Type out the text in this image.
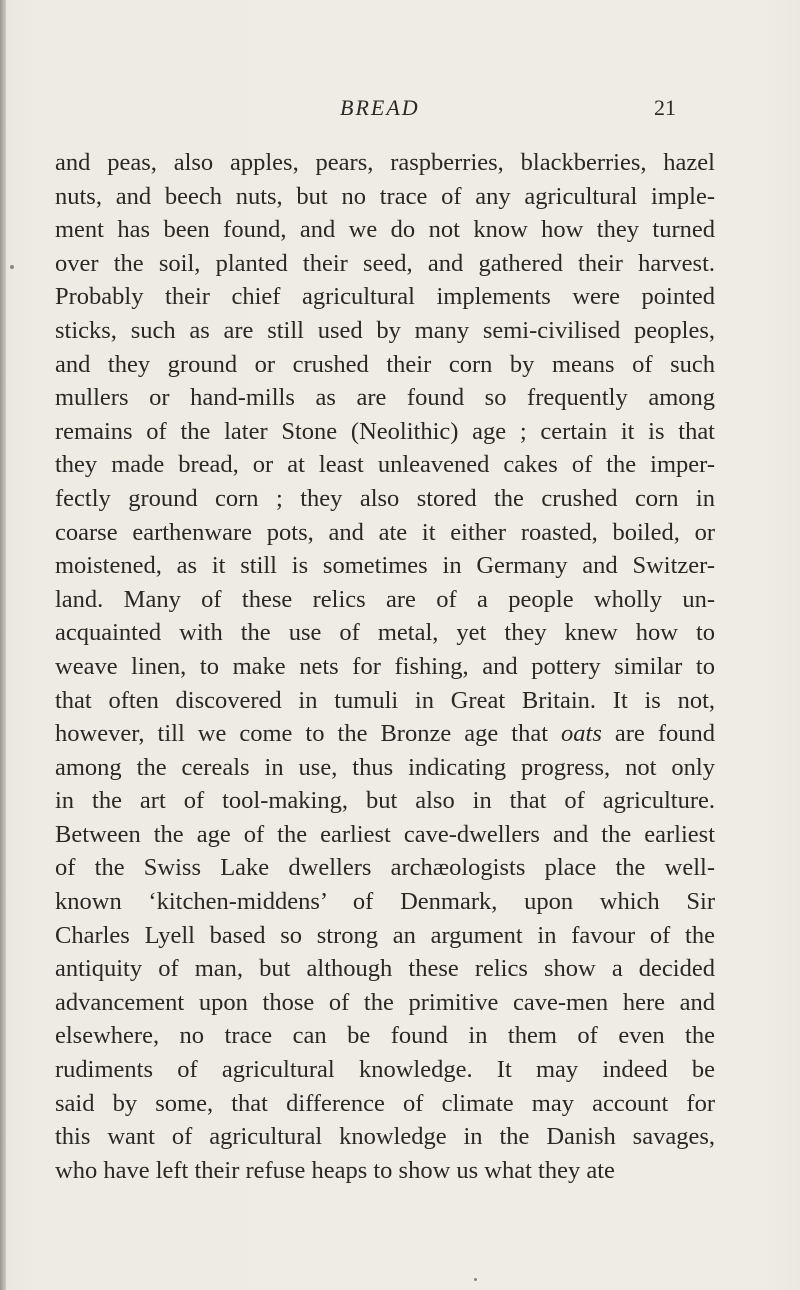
BREAD	21
and peas, also apples, pears, raspberries, blackberries, hazel
nuts, and beech nuts, but no trace of any agricultural imple-
ment has been found, and we do not know how they turned
over the soil, planted their seed, and gathered their harvest.
Probably their chief agricultural implements were pointed
sticks, such as are still used by many semi-civilised peoples,
and they ground or crushed their corn by means of such
mullers or hand-mills as are found so frequently among
remains of the later Stone (Neolithic) age ; certain it is that
they made bread, or at least unleavened cakes of the imper-
fectly ground corn ; they also stored the crushed corn in
coarse earthenware pots, and ate it either roasted, boiled, or
moistened, as it still is sometimes in Germany and Switzer-
land. Many of these relics are of a people wholly un-
acquainted with the use of metal, yet they knew how to
weave linen, to make nets for fishing, and pottery similar to
that often discovered in tumuli in Great Britain. It is not,
however, till we come to the Bronze age that oats are found
among the cereals in use, thus indicating progress, not only
in the art of tool-making, but also in that of agriculture.
Between the age of the earliest cave-dwellers and the earliest
of the Swiss Lake dwellers archæologists place the well-
known ‘kitchen-middens’ of Denmark, upon which Sir
Charles Lyell based so strong an argument in favour of the
antiquity of man, but although these relics show a decided
advancement upon those of the primitive cave-men here and
elsewhere, no trace can be found in them of even the
rudiments of agricultural knowledge. It may indeed be
said by some, that difference of climate may account for
this want of agricultural knowledge in the Danish savages,
who have left their refuse heaps to show us what they ate
